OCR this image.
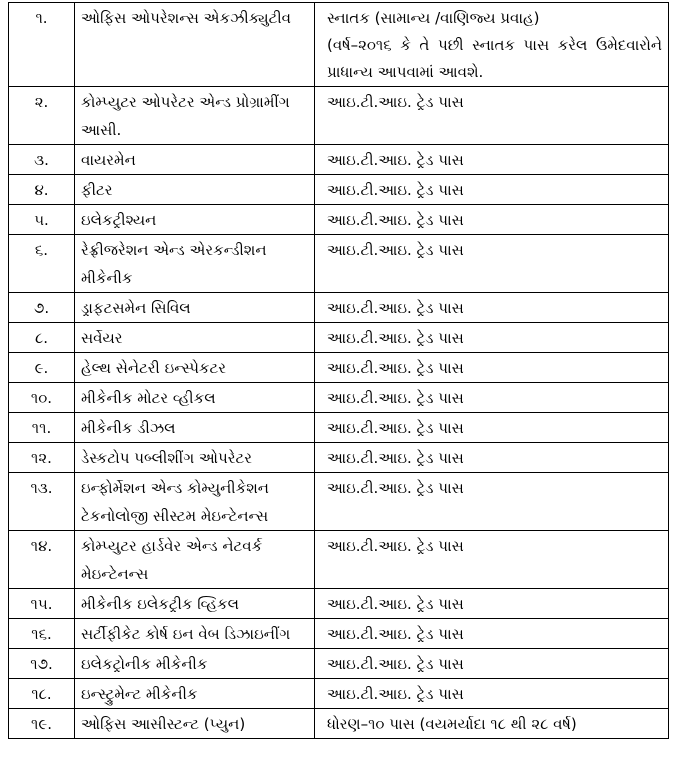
૧.	ઓફિસ ઓપરેશન્સ એકઝીક્યુટીવ	સ્નાતક (સામાન્ય /વાણિજ્ય પ્રવાહ)
(વર્ષ–૨૦૧૬ કે તે પછી સ્નાતક પાસ કરેલ ઉમેદવારોને પ્રાધાન્ય આપવામાં આવશે.

૨.	કોમ્પ્યુટર ઓપરેટર એન્ડ પ્રોગ્રામીંગ આસી.	આઇ.ટી.આઇ. ટ્રેડ પાસ
૩.	વાયરમેન	આઇ.ટી.આઇ. ટ્રેડ પાસ
૪.	ફીટર	આઇ.ટી.આઇ. ટ્રેડ પાસ
૫.	ઇલેકટ્રીશ્યન	આઇ.ટી.આઇ. ટ્રેડ પાસ
૬.	રેફ્રીજરેશન એન્ડ એરકન્ડીશન મીકેનીક	આઇ.ટી.આઇ. ટ્રેડ પાસ
૭.	ડ્રાફટસમેન સિવિલ	આઇ.ટી.આઇ. ટ્રેડ પાસ
૮.	સર્વેયર	આઇ.ટી.આઇ. ટ્રેડ પાસ
૯.	હેલ્થ સેનેટરી ઇન્સ્પેકટર	આઇ.ટી.આઇ. ટ્રેડ પાસ
૧૦.	મીકેનીક મોટર વ્હીકલ	આઇ.ટી.આઇ. ટ્રેડ પાસ
૧૧.	મીકેનીક ડીઝલ	આઇ.ટી.આઇ. ટ્રેડ પાસ
૧૨.	ડેસ્કટોપ પબ્લીશીંગ ઓપરેટર	આઇ.ટી.આઇ. ટ્રેડ પાસ
૧૩.	ઇન્ફોર્મેશન એન્ડ કોમ્યુનીકેશન ટેકનોલોજી સીસ્ટમ મેઇન્ટેનન્સ	આઇ.ટી.આઇ. ટ્રેડ પાસ
૧૪.	કોમ્પ્યુટર હાર્ડવેર એન્ડ નેટવર્ક મેઇન્ટેનન્સ	આઇ.ટી.આઇ. ટ્રેડ પાસ
૧૫.	મીકેનીક ઇલેકટ્રીક વ્હિકલ	આઇ.ટી.આઇ. ટ્રેડ પાસ
૧૬.	સર્ટીફીકેટ કોર્ષ ઇન વેબ ડિઝાઇનીંગ	આઇ.ટી.આઇ. ટ્રેડ પાસ
૧૭.	ઇલેકટ્રોનીક મીકેનીક	આઇ.ટી.આઇ. ટ્રેડ પાસ
૧૮.	ઇન્સ્ટ્રુમેન્ટ મીકેનીક	આઇ.ટી.આઇ. ટ્રેડ પાસ
૧૯.	ઓફિસ આસીસ્ટન્ટ (પ્યુન)	ધોરણ–૧૦ પાસ (વયમર્યાદા ૧૮ થી ૨૮ વર્ષ)
